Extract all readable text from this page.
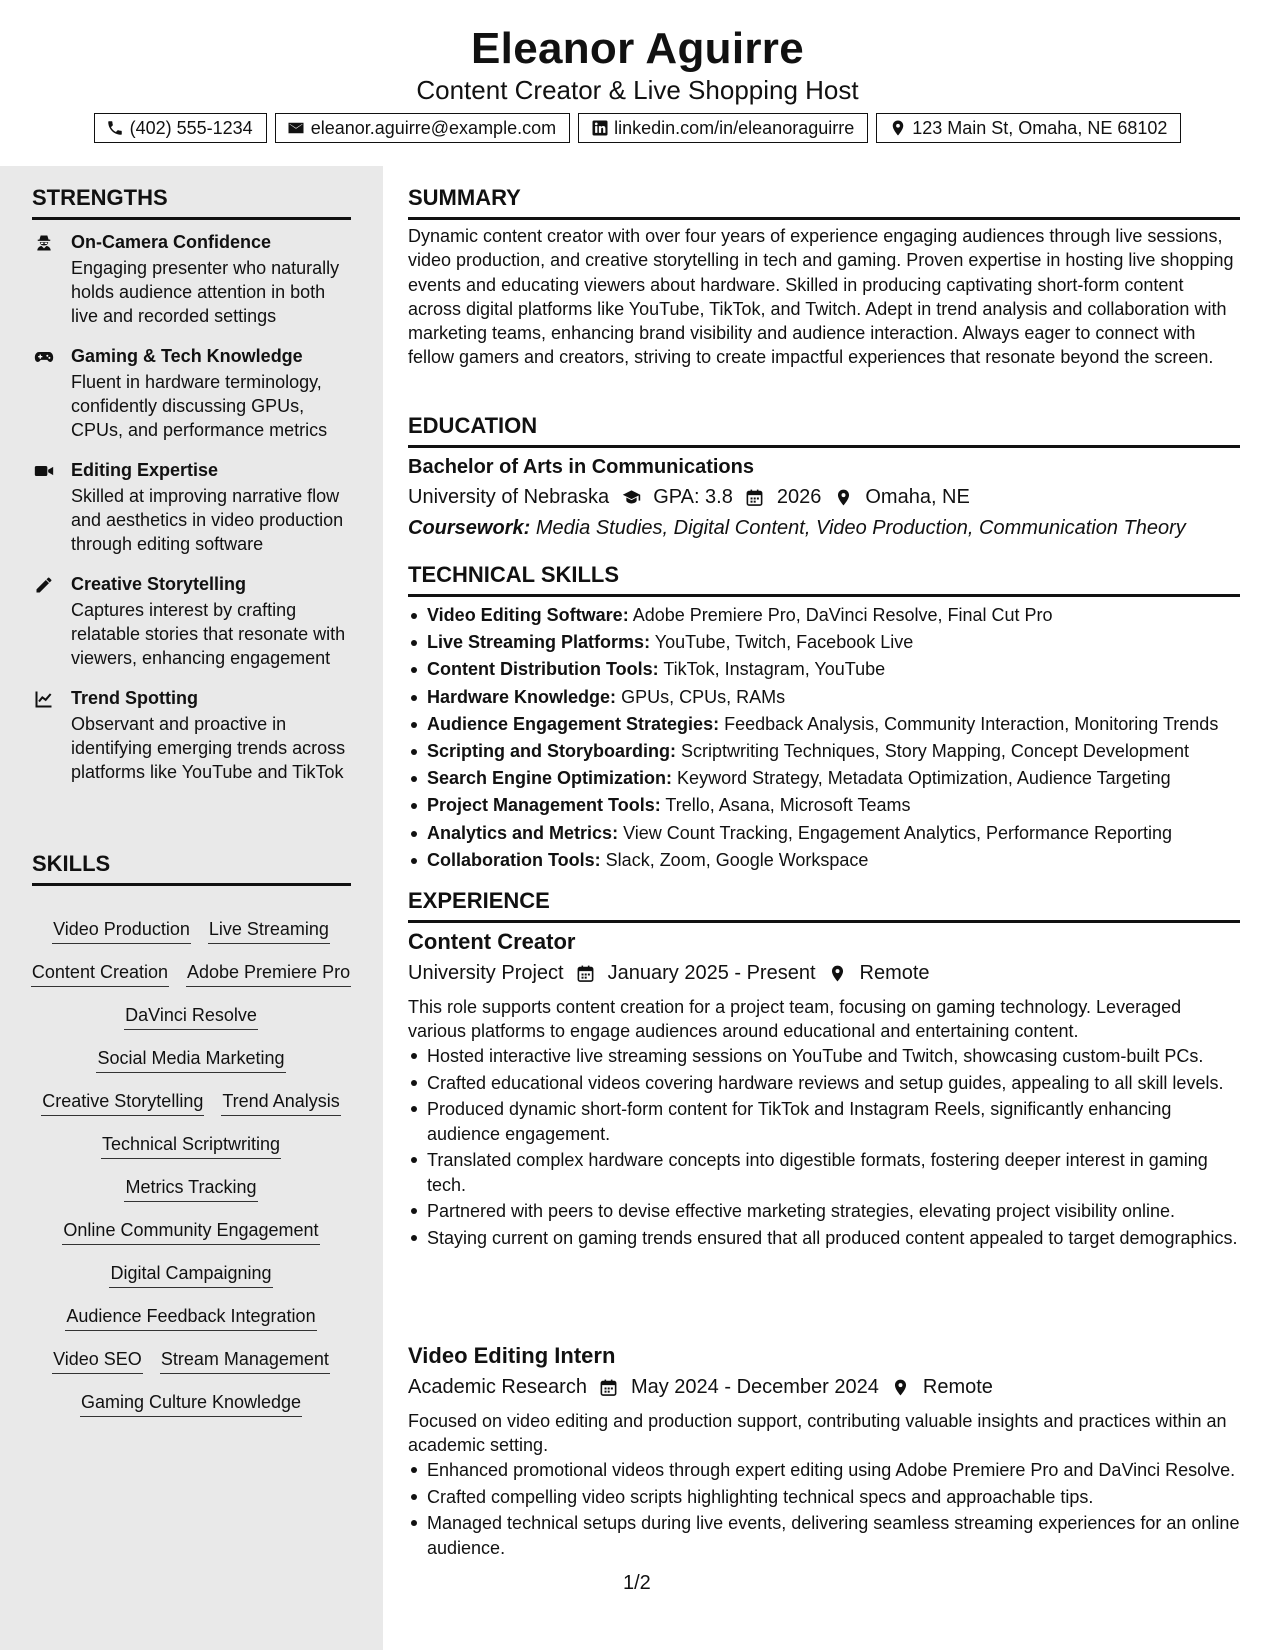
Eleanor Aguirre
Content Creator & Live Shopping Host
(402) 555-1234	eleanor.aguirre@example.com	linkedin.com/in/eleanoraguirre	123 Main St, Omaha, NE 68102
STRENGTHS
On-Camera Confidence
Engaging presenter who naturally holds audience attention in both live and recorded settings
Gaming & Tech Knowledge
Fluent in hardware terminology, confidently discussing GPUs, CPUs, and performance metrics
Editing Expertise
Skilled at improving narrative flow and aesthetics in video production through editing software
Creative Storytelling
Captures interest by crafting relatable stories that resonate with viewers, enhancing engagement
Trend Spotting
Observant and proactive in identifying emerging trends across platforms like YouTube and TikTok
SKILLS
Video Production Live Streaming
Content Creation Adobe Premiere Pro
DaVinci Resolve
Social Media Marketing
Creative Storytelling Trend Analysis
Technical Scriptwriting
Metrics Tracking
Online Community Engagement
Digital Campaigning
Audience Feedback Integration
Video SEO Stream Management
Gaming Culture Knowledge
SUMMARY
Dynamic content creator with over four years of experience engaging audiences through live sessions, video production, and creative storytelling in tech and gaming. Proven expertise in hosting live shopping events and educating viewers about hardware. Skilled in producing captivating short-form content across digital platforms like YouTube, TikTok, and Twitch. Adept in trend analysis and collaboration with marketing teams, enhancing brand visibility and audience interaction. Always eager to connect with fellow gamers and creators, striving to create impactful experiences that resonate beyond the screen.
EDUCATION
Bachelor of Arts in Communications
University of Nebraska GPA: 3.8 2026 Omaha, NE
Coursework: Media Studies, Digital Content, Video Production, Communication Theory
TECHNICAL SKILLS
Video Editing Software: Adobe Premiere Pro, DaVinci Resolve, Final Cut Pro
Live Streaming Platforms: YouTube, Twitch, Facebook Live
Content Distribution Tools: TikTok, Instagram, YouTube
Hardware Knowledge: GPUs, CPUs, RAMs
Audience Engagement Strategies: Feedback Analysis, Community Interaction, Monitoring Trends
Scripting and Storyboarding: Scriptwriting Techniques, Story Mapping, Concept Development
Search Engine Optimization: Keyword Strategy, Metadata Optimization, Audience Targeting
Project Management Tools: Trello, Asana, Microsoft Teams
Analytics and Metrics: View Count Tracking, Engagement Analytics, Performance Reporting
Collaboration Tools: Slack, Zoom, Google Workspace
EXPERIENCE
Content Creator
University Project January 2025 - Present Remote
This role supports content creation for a project team, focusing on gaming technology. Leveraged various platforms to engage audiences around educational and entertaining content.
Hosted interactive live streaming sessions on YouTube and Twitch, showcasing custom-built PCs.
Crafted educational videos covering hardware reviews and setup guides, appealing to all skill levels.
Produced dynamic short-form content for TikTok and Instagram Reels, significantly enhancing audience engagement.
Translated complex hardware concepts into digestible formats, fostering deeper interest in gaming tech.
Partnered with peers to devise effective marketing strategies, elevating project visibility online.
Staying current on gaming trends ensured that all produced content appealed to target demographics.
Video Editing Intern
Academic Research May 2024 - December 2024 Remote
Focused on video editing and production support, contributing valuable insights and practices within an academic setting.
Enhanced promotional videos through expert editing using Adobe Premiere Pro and DaVinci Resolve.
Crafted compelling video scripts highlighting technical specs and approachable tips.
Managed technical setups during live events, delivering seamless streaming experiences for an online audience.
1/2
